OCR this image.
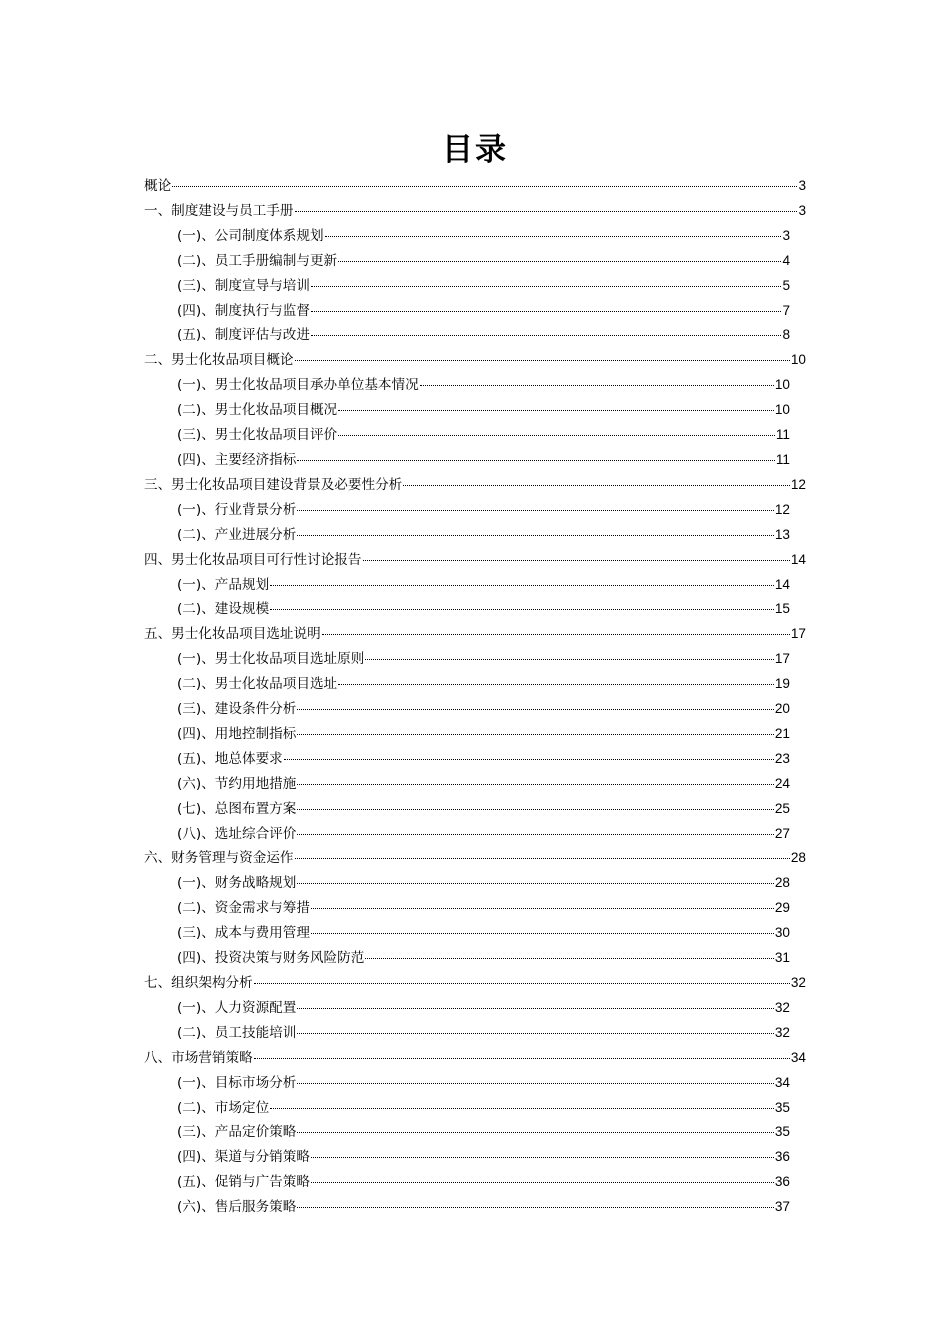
目录
概论	3
一、制度建设与员工手册	3
(一)、公司制度体系规划	3
(二)、员工手册编制与更新	4
(三)、制度宣导与培训	5
(四)、制度执行与监督	7
(五)、制度评估与改进	8
二、男士化妆品项目概论	10
(一)、男士化妆品项目承办单位基本情况	10
(二)、男士化妆品项目概况	10
(三)、男士化妆品项目评价	11
(四)、主要经济指标	11
三、男士化妆品项目建设背景及必要性分析	12
(一)、行业背景分析	12
(二)、产业进展分析	13
四、男士化妆品项目可行性讨论报告	14
(一)、产品规划	14
(二)、建设规模	15
五、男士化妆品项目选址说明	17
(一)、男士化妆品项目选址原则	17
(二)、男士化妆品项目选址	19
(三)、建设条件分析	20
(四)、用地控制指标	21
(五)、地总体要求	23
(六)、节约用地措施	24
(七)、总图布置方案	25
(八)、选址综合评价	27
六、财务管理与资金运作	28
(一)、财务战略规划	28
(二)、资金需求与筹措	29
(三)、成本与费用管理	30
(四)、投资决策与财务风险防范	31
七、组织架构分析	32
(一)、人力资源配置	32
(二)、员工技能培训	32
八、市场营销策略	34
(一)、目标市场分析	34
(二)、市场定位	35
(三)、产品定价策略	35
(四)、渠道与分销策略	36
(五)、促销与广告策略	36
(六)、售后服务策略	37
